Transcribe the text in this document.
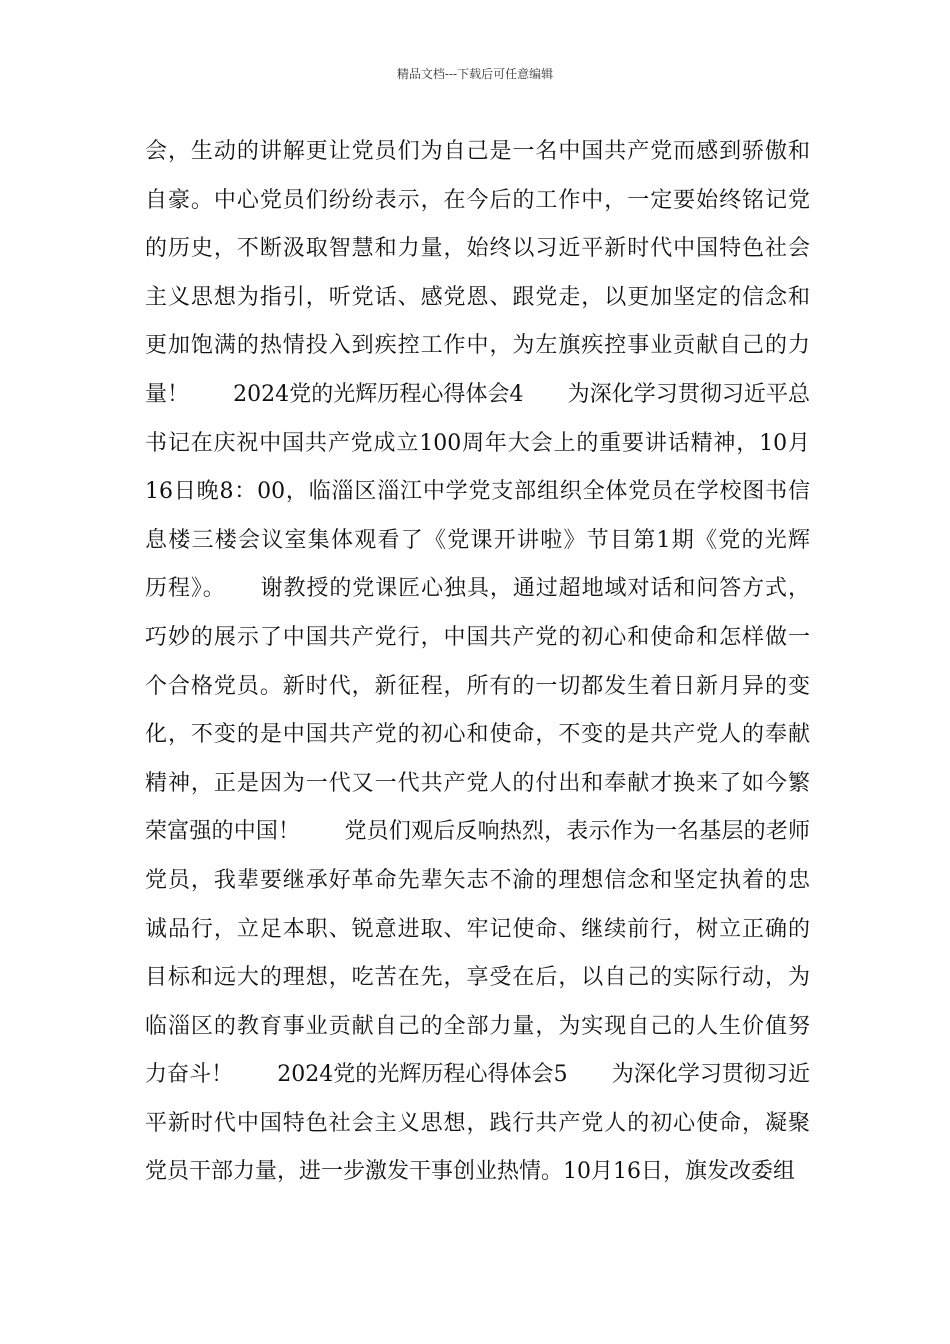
精品文档---下载后可任意编辑
会，生动的讲解更让党员们为自己是一名中国共产党而感到骄傲和
自豪。中心党员们纷纷表示，在今后的工作中，一定要始终铭记党
的历史，不断汲取智慧和力量，始终以习近平新时代中国特色社会
主义思想为指引，听党话、感党恩、跟党走，以更加坚定的信念和
更加饱满的热情投入到疾控工作中，为左旗疾控事业贡献自己的力
量！　　2024党的光辉历程心得体会4　　为深化学习贯彻习近平总
书记在庆祝中国共产党成立100周年大会上的重要讲话精神，10月
16日晚8：00，临淄区淄江中学党支部组织全体党员在学校图书信
息楼三楼会议室集体观看了《党课开讲啦》节目第1期《党的光辉
历程》。　　谢教授的党课匠心独具，通过超地域对话和问答方式，
巧妙的展示了中国共产党行，中国共产党的初心和使命和怎样做一
个合格党员。新时代，新征程，所有的一切都发生着日新月异的变
化，不变的是中国共产党的初心和使命，不变的是共产党人的奉献
精神，正是因为一代又一代共产党人的付出和奉献才换来了如今繁
荣富强的中国！　　党员们观后反响热烈，表示作为一名基层的老师
党员，我辈要继承好革命先辈矢志不渝的理想信念和坚定执着的忠
诚品行，立足本职、锐意进取、牢记使命、继续前行，树立正确的
目标和远大的理想，吃苦在先，享受在后，以自己的实际行动，为
临淄区的教育事业贡献自己的全部力量，为实现自己的人生价值努
力奋斗！　　2024党的光辉历程心得体会5　　为深化学习贯彻习近
平新时代中国特色社会主义思想，践行共产党人的初心使命，凝聚
党员干部力量，进一步激发干事创业热情。10月16日，旗发改委组
